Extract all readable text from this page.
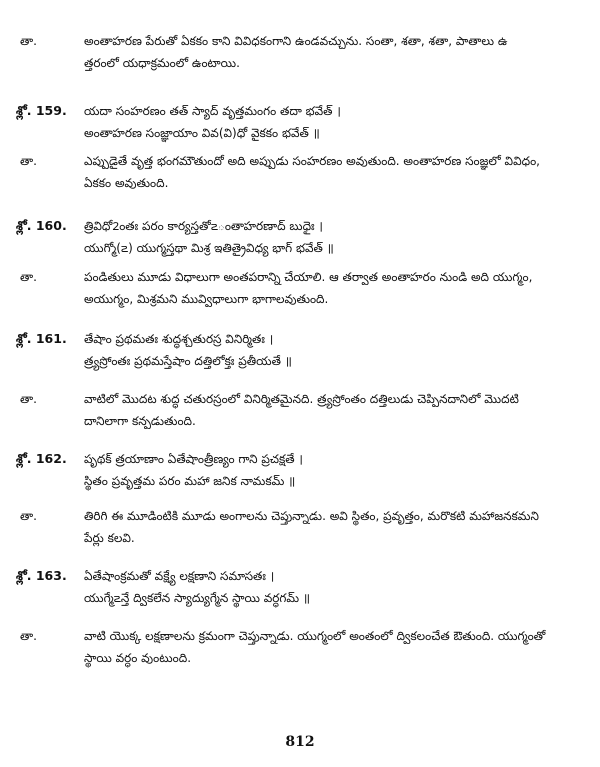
తా.	అంతాహరణ పేరుతో ఏకకం కాని వివిధకంగాని ఉండవచ్చును. సంతా, శతా, శతా, పాతాలు ఉ
త్తరంలో యధాక్రమంలో ఉంటాయి.
శ్లో. 159. యదా సంహరణం తత్ స్యాద్ వృత్తమంగం తదా భవేత్ ।
అంతాహరణ సంజ్ఞాయాం వివ(వి)ధో వైకకం భవేత్ ॥
తా.	ఎప్పుడైతే వృత్త భంగమౌతుందో అది అప్పుడు సంహరణం అవుతుంది. అంతాహరణ సంజ్ఞలో వివిధం,
ఏకకం అవుతుంది.
శ్లో. 160. త్రివిధో2ంతః పరం కార్యస్తతో౽ంతాహరణాద్ బుధైః ।
యుగ్మో(౽) యుగ్మస్తథా మిశ్ర ఇతిత్రైవిధ్య భాగ్ భవేత్ ॥
తా.	పండితులు మూడు విధాలుగా అంతపరాన్ని చేయాలి. ఆ తర్వాత అంతాహరం నుండి అది యుగ్మం,
అయుగ్మం, మిశ్రమని మువ్విధాలుగా భాగాలవుతుంది.
శ్లో. 161. తేషాం ప్రథమతః శుద్ధశ్చతురస్ర వినిర్మితః ।
త్ర్యస్రోంతః ప్రథమస్తేషాం దత్తిలోక్తః ప్రతీయతే ॥
తా.	వాటిలో మొదట శుద్ధ చతురస్రంలో వినిర్మితమైనది. త్ర్యస్రోంతం దత్తిలుడు చెప్పినదానిలో మొదటి
దానిలాగా కన్పడుతుంది.
శ్లో. 162. పృథక్ త్రయాణాం ఏతేషాంత్రీణ్యం గాని ప్రచక్షతే ।
స్థితం ప్రవృత్తమ పరం మహా జనిక నామకమ్ ॥
తా.	తిరిగి ఈ మూడింటికి మూడు అంగాలను చెప్తున్నాడు. అవి స్థితం, ప్రవృత్తం, మరొకటి మహాజనకమని
పేర్లు కలవి.
శ్లో. 163. ఏతేషాంక్రమతో వక్ష్యే లక్షణాని సమాసతః ।
యుగ్మే౽న్తే ద్వికలేన స్యాద్యుగ్మేన స్థాయి వర్ధగమ్ ॥
తా.	వాటి యొక్క లక్షణాలను క్రమంగా చెప్తున్నాడు. యుగ్మంలో అంతంలో ద్వికలంచేత ఔతుంది. యుగ్మంతో
స్థాయి వర్ధం వుంటుంది.
812
